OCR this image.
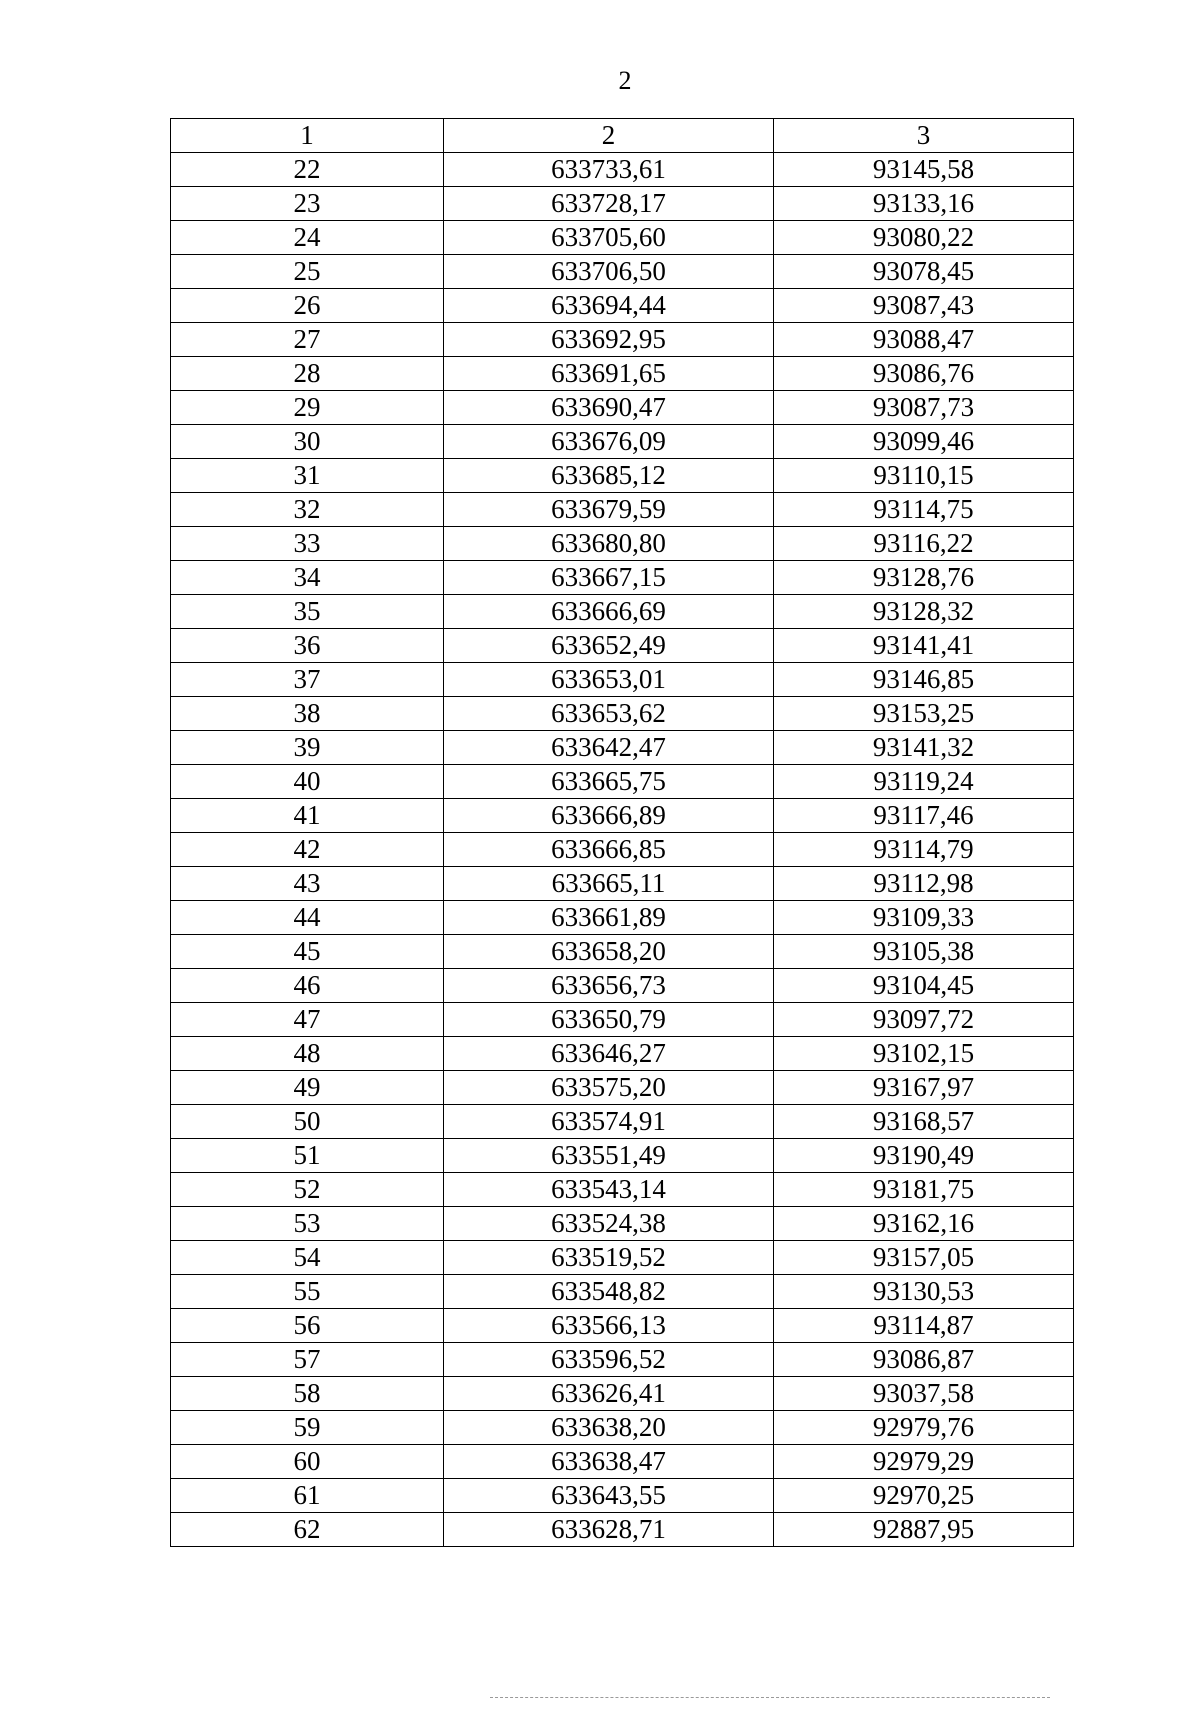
2
1	2	3
22	633733,61	93145,58
23	633728,17	93133,16
24	633705,60	93080,22
25	633706,50	93078,45
26	633694,44	93087,43
27	633692,95	93088,47
28	633691,65	93086,76
29	633690,47	93087,73
30	633676,09	93099,46
31	633685,12	93110,15
32	633679,59	93114,75
33	633680,80	93116,22
34	633667,15	93128,76
35	633666,69	93128,32
36	633652,49	93141,41
37	633653,01	93146,85
38	633653,62	93153,25
39	633642,47	93141,32
40	633665,75	93119,24
41	633666,89	93117,46
42	633666,85	93114,79
43	633665,11	93112,98
44	633661,89	93109,33
45	633658,20	93105,38
46	633656,73	93104,45
47	633650,79	93097,72
48	633646,27	93102,15
49	633575,20	93167,97
50	633574,91	93168,57
51	633551,49	93190,49
52	633543,14	93181,75
53	633524,38	93162,16
54	633519,52	93157,05
55	633548,82	93130,53
56	633566,13	93114,87
57	633596,52	93086,87
58	633626,41	93037,58
59	633638,20	92979,76
60	633638,47	92979,29
61	633643,55	92970,25
62	633628,71	92887,95
